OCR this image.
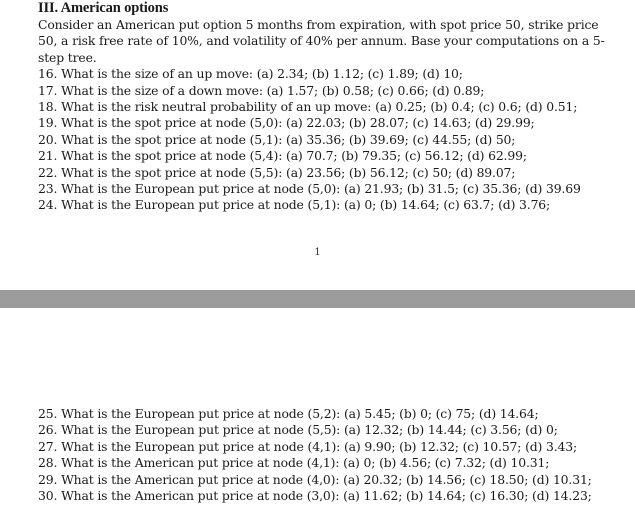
III. American options

Consider an American put option 5 months from expiration, with spot price 50, strike price 50, a risk free rate of 10%, and volatility of 40% per annum. Base your computations on a 5-step tree.

16. What is the size of an up move: (a) 2.34; (b) 1.12; (c) 1.89; (d) 10;
17. What is the size of a down move: (a) 1.57; (b) 0.58; (c) 0.66; (d) 0.89;
18. What is the risk neutral probability of an up move: (a) 0.25; (b) 0.4; (c) 0.6; (d) 0.51;
19. What is the spot price at node (5,0): (a) 22.03; (b) 28.07; (c) 14.63; (d) 29.99;
20. What is the spot price at node (5,1): (a) 35.36; (b) 39.69; (c) 44.55; (d) 50;
21. What is the spot price at node (5,4): (a) 70.7; (b) 79.35; (c) 56.12; (d) 62.99;
22. What is the spot price at node (5,5): (a) 23.56; (b) 56.12; (c) 50; (d) 89.07;
23. What is the European put price at node (5,0): (a) 21.93; (b) 31.5; (c) 35.36; (d) 39.69
24. What is the European put price at node (5,1): (a) 0; (b) 14.64; (c) 63.7; (d) 3.76;
1
25. What is the European put price at node (5,2): (a) 5.45; (b) 0; (c) 75; (d) 14.64;
26. What is the European put price at node (5,5): (a) 12.32; (b) 14.44; (c) 3.56; (d) 0;
27. What is the European put price at node (4,1): (a) 9.90; (b) 12.32; (c) 10.57; (d) 3.43;
28. What is the American put price at node (4,1): (a) 0; (b) 4.56; (c) 7.32; (d) 10.31;
29. What is the American put price at node (4,0): (a) 20.32; (b) 14.56; (c) 18.50; (d) 10.31;
30. What is the American put price at node (3,0): (a) 11.62; (b) 14.64; (c) 16.30; (d) 14.23;
